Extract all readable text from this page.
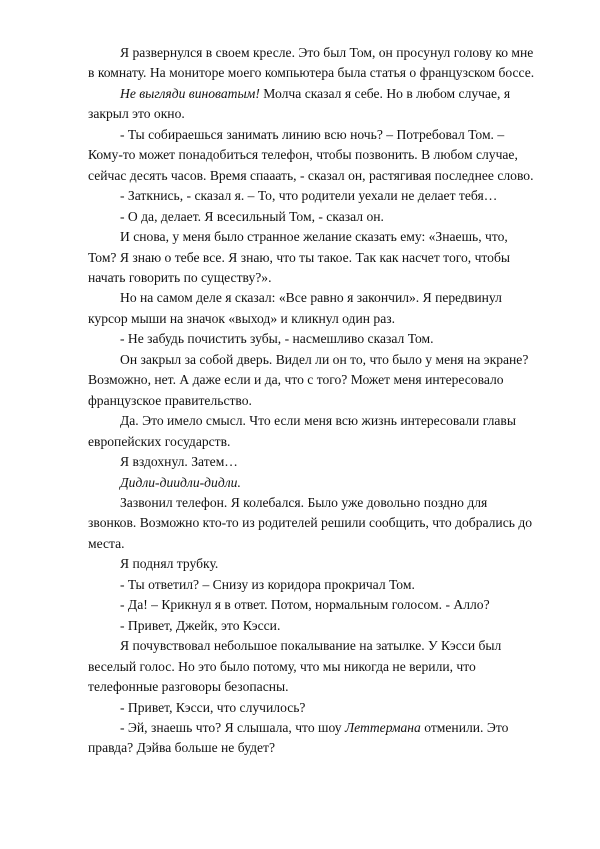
Я развернулся в своем кресле. Это был Том, он просунул голову ко мне в комнату. На мониторе моего компьютера была статья о французском боссе.

Не выгляди виноватым! Молча сказал я себе. Но в любом случае, я закрыл это окно.

- Ты собираешься занимать линию всю ночь? – Потребовал Том. – Кому-то может понадобиться телефон, чтобы позвонить. В любом случае, сейчас десять часов. Время спааать, - сказал он, растягивая последнее слово.

- Заткнись, - сказал я. – То, что родители уехали не делает тебя…

- О да, делает. Я всесильный Том, - сказал он.

И снова, у меня было странное желание сказать ему: «Знаешь, что, Том? Я знаю о тебе все. Я знаю, что ты такое. Так как насчет того, чтобы начать говорить по существу?».

Но на самом деле я сказал: «Все равно я закончил». Я передвинул курсор мыши на значок «выход» и кликнул один раз.

- Не забудь почистить зубы, - насмешливо сказал Том.

Он закрыл за собой дверь. Видел ли он то, что было у меня на экране? Возможно, нет. А даже если и да, что с того? Может меня интересовало французское правительство.

Да. Это имело смысл. Что если меня всю жизнь интересовали главы европейских государств.

Я вздохнул. Затем…

Дидли-диидли-дидли.

Зазвонил телефон. Я колебался. Было уже довольно поздно для звонков. Возможно кто-то из родителей решили сообщить, что добрались до места.

Я поднял трубку.

- Ты ответил? – Снизу из коридора прокричал Том.

- Да! – Крикнул я в ответ. Потом, нормальным голосом. - Алло?

- Привет, Джейк, это Кэсси.

Я почувствовал небольшое покалывание на затылке. У Кэсси был веселый голос. Но это было потому, что мы никогда не верили, что телефонные разговоры безопасны.

- Привет, Кэсси, что случилось?

- Эй, знаешь что? Я слышала, что шоу Леттермана отменили. Это правда? Дэйва больше не будет?
